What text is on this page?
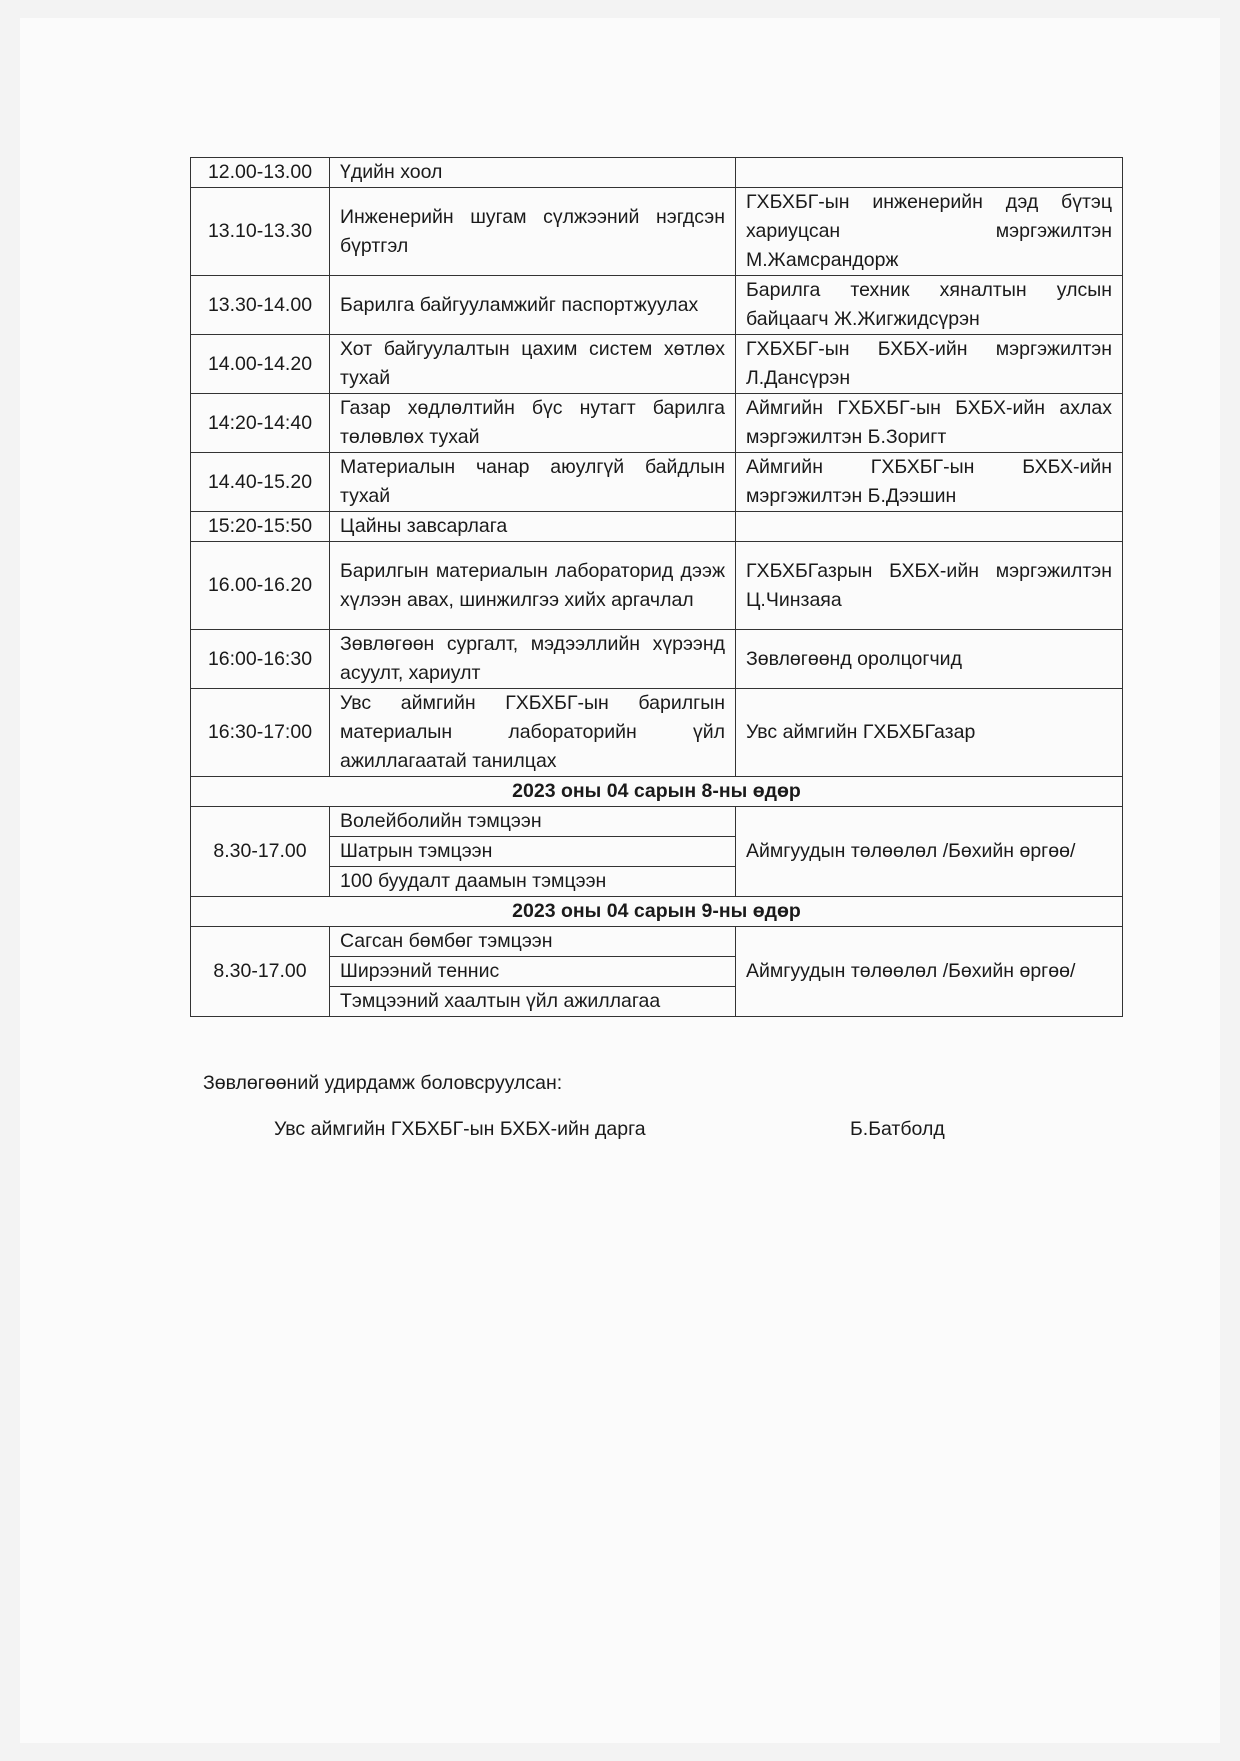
12.00-13.00	Үдийн хоол	
13.10-13.30	Инженерийн шугам сүлжээний нэгдсэн бүртгэл	ГХБХБГ-ын инженерийн дэд бүтэц хариуцсан мэргэжилтэн М.Жамсрандорж
13.30-14.00	Барилга байгууламжийг паспортжуулах	Барилга техник хяналтын улсын байцаагч Ж.Жигжидсүрэн
14.00-14.20	Хот байгуулалтын цахим систем хөтлөх тухай	ГХБХБГ-ын БХБХ-ийн мэргэжилтэн Л.Дансүрэн
14:20-14:40	Газар хөдлөлтийн бүс нутагт барилга төлөвлөх тухай	Аймгийн ГХБХБГ-ын БХБХ-ийн ахлах мэргэжилтэн Б.Зоригт
14.40-15.20	Материалын чанар аюулгүй байдлын тухай	Аймгийн ГХБХБГ-ын БХБХ-ийн мэргэжилтэн Б.Дээшин
15:20-15:50	Цайны завсарлага	
16.00-16.20	Барилгын материалын лабораторид дээж хүлээн авах, шинжилгээ хийх аргачлал	ГХБХБГазрын БХБХ-ийн мэргэжилтэн Ц.Чинзаяа
16:00-16:30	Зөвлөгөөн сургалт, мэдээллийн хүрээнд асуулт, хариулт	Зөвлөгөөнд оролцогчид
16:30-17:00	Увс аймгийн ГХБХБГ-ын барилгын материалын лабораторийн үйл ажиллагаатай танилцах	Увс аймгийн ГХБХБГазар
2023 оны 04 сарын 8-ны өдөр		
8.30-17.00	Волейболийн тэмцээн	Аймгуудын төлөөлөл /Бөхийн өргөө/
	Шатрын тэмцээн	
	100 буудалт даамын тэмцээн	
2023 оны 04 сарын 9-ны өдөр		
8.30-17.00	Сагсан бөмбөг тэмцээн	Аймгуудын төлөөлөл /Бөхийн өргөө/
	Ширээний теннис	
	Тэмцээний хаалтын үйл ажиллагаа	
Зөвлөгөөний удирдамж боловсруулсан:
Увс аймгийн ГХБХБГ-ын БХБХ-ийн дарга	Б.Батболд
